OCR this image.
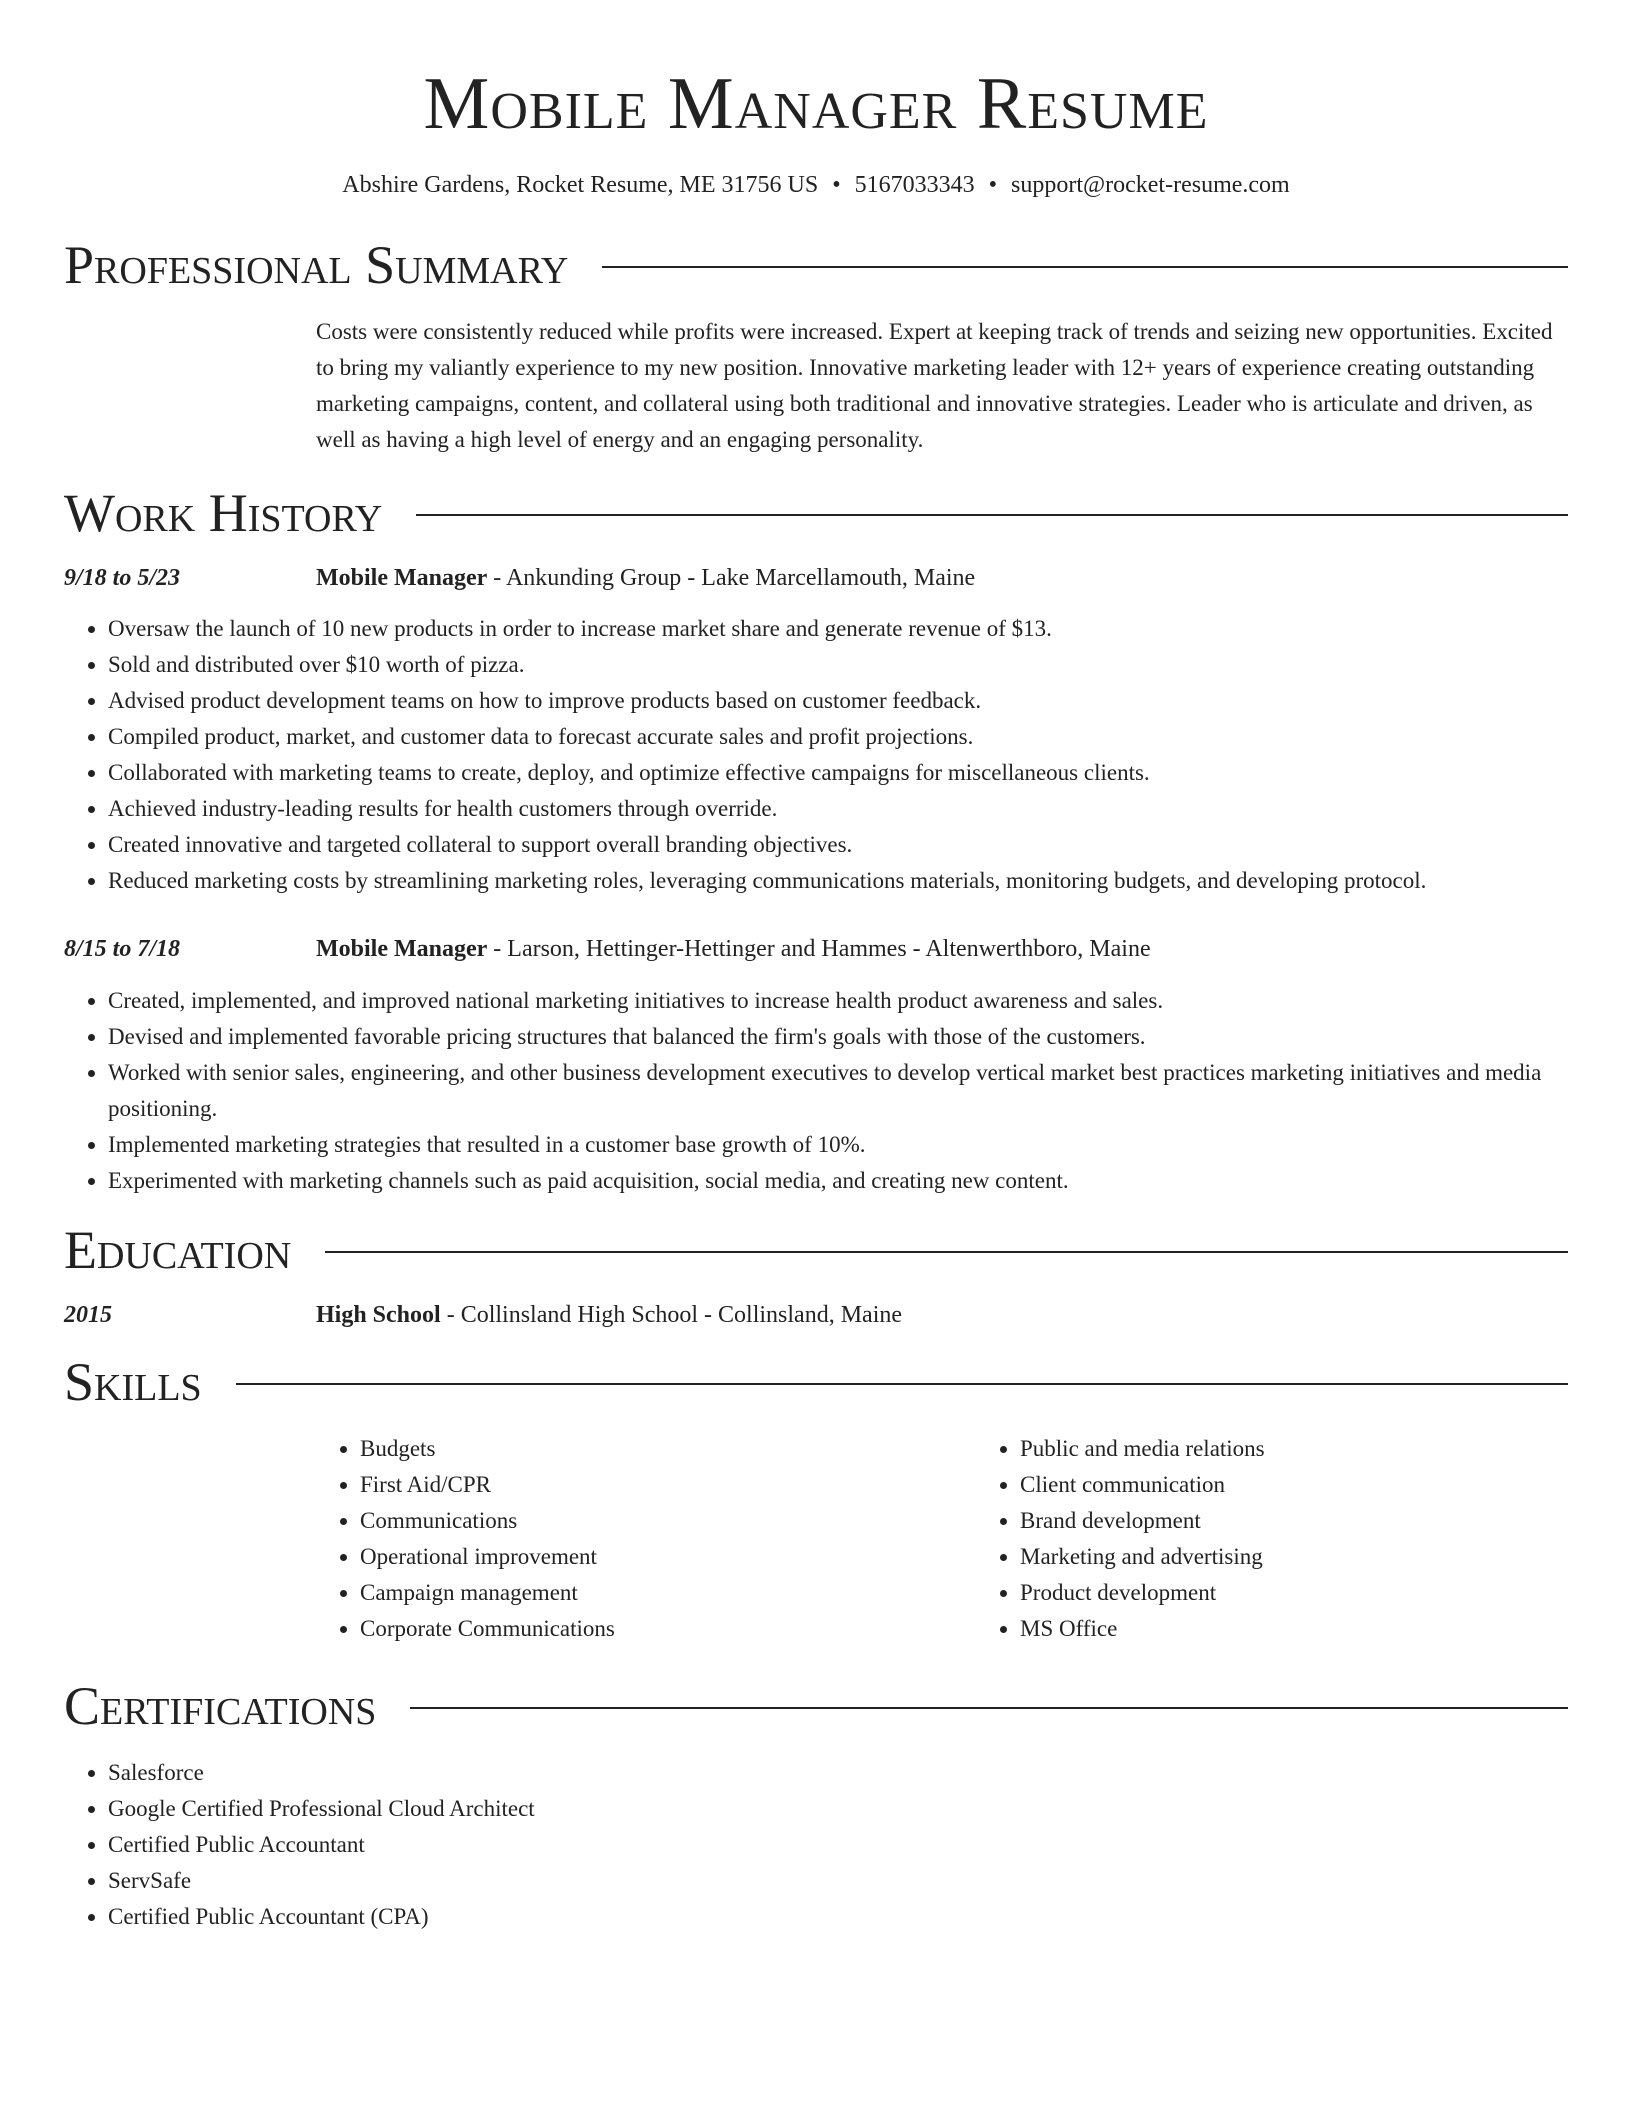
Mobile Manager Resume
Abshire Gardens, Rocket Resume, ME 31756 US • 5167033343 • support@rocket-resume.com
Professional Summary

Costs were consistently reduced while profits were increased. Expert at keeping track of trends and seizing new opportunities. Excited to bring my valiantly experience to my new position. Innovative marketing leader with 12+ years of experience creating outstanding marketing campaigns, content, and collateral using both traditional and innovative strategies. Leader who is articulate and driven, as well as having a high level of energy and an engaging personality.

Work History
9/18 to 5/23	Mobile Manager - Ankunding Group - Lake Marcellamouth, Maine
• Oversaw the launch of 10 new products in order to increase market share and generate revenue of $13.
• Sold and distributed over $10 worth of pizza.
• Advised product development teams on how to improve products based on customer feedback.
• Compiled product, market, and customer data to forecast accurate sales and profit projections.
• Collaborated with marketing teams to create, deploy, and optimize effective campaigns for miscellaneous clients.
• Achieved industry-leading results for health customers through override.
• Created innovative and targeted collateral to support overall branding objectives.
• Reduced marketing costs by streamlining marketing roles, leveraging communications materials, monitoring budgets, and developing protocol.
8/15 to 7/18	Mobile Manager - Larson, Hettinger-Hettinger and Hammes - Altenwerthboro, Maine
• Created, implemented, and improved national marketing initiatives to increase health product awareness and sales.
• Devised and implemented favorable pricing structures that balanced the firm's goals with those of the customers.
• Worked with senior sales, engineering, and other business development executives to develop vertical market best practices marketing initiatives and media positioning.
• Implemented marketing strategies that resulted in a customer base growth of 10%.
• Experimented with marketing channels such as paid acquisition, social media, and creating new content.
Education
2015	High School - Collinsland High School - Collinsland, Maine
Skills
• Budgets
• First Aid/CPR
• Communications
• Operational improvement
• Campaign management
• Corporate Communications
• Public and media relations
• Client communication
• Brand development
• Marketing and advertising
• Product development
• MS Office
Certifications
• Salesforce
• Google Certified Professional Cloud Architect
• Certified Public Accountant
• ServSafe
• Certified Public Accountant (CPA)
